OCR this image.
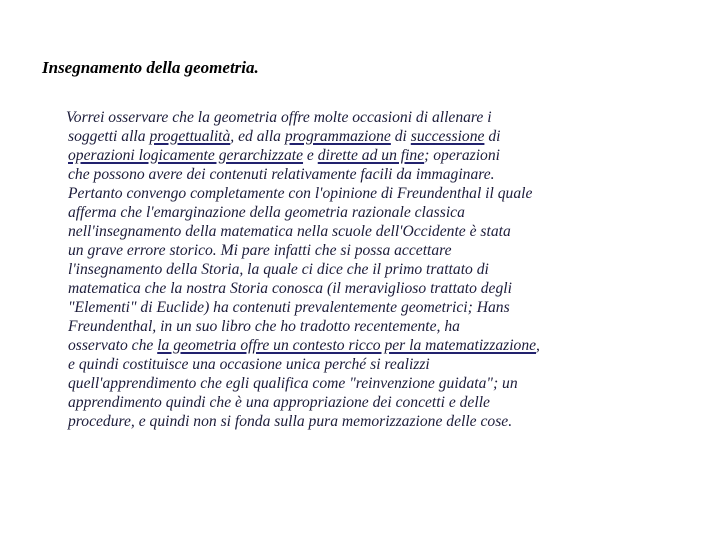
Insegnamento della geometria.
Vorrei osservare che la geometria offre molte occasioni di allenare i
soggetti alla progettualità, ed alla programmazione di successione di
operazioni logicamente gerarchizzate e dirette ad un fine; operazioni
che possono avere dei contenuti relativamente facili da immaginare.
Pertanto convengo completamente con l'opinione di Freundenthal il quale
afferma che l'emarginazione della geometria razionale classica
nell'insegnamento della matematica nella scuole dell'Occidente è stata
un grave errore storico. Mi pare infatti che si possa accettare
l'insegnamento della Storia, la quale ci dice che il primo trattato di
matematica che la nostra Storia conosca (il meraviglioso trattato degli
"Elementi" di Euclide) ha contenuti prevalentemente geometrici; Hans
Freundenthal, in un suo libro che ho tradotto recentemente, ha
osservato che la geometria offre un contesto ricco per la matematizzazione,
e quindi costituisce una occasione unica perché si realizzi
quell'apprendimento che egli qualifica come "reinvenzione guidata"; un
apprendimento quindi che è una appropriazione dei concetti e delle
procedure, e quindi non si fonda sulla pura memorizzazione delle cose.
